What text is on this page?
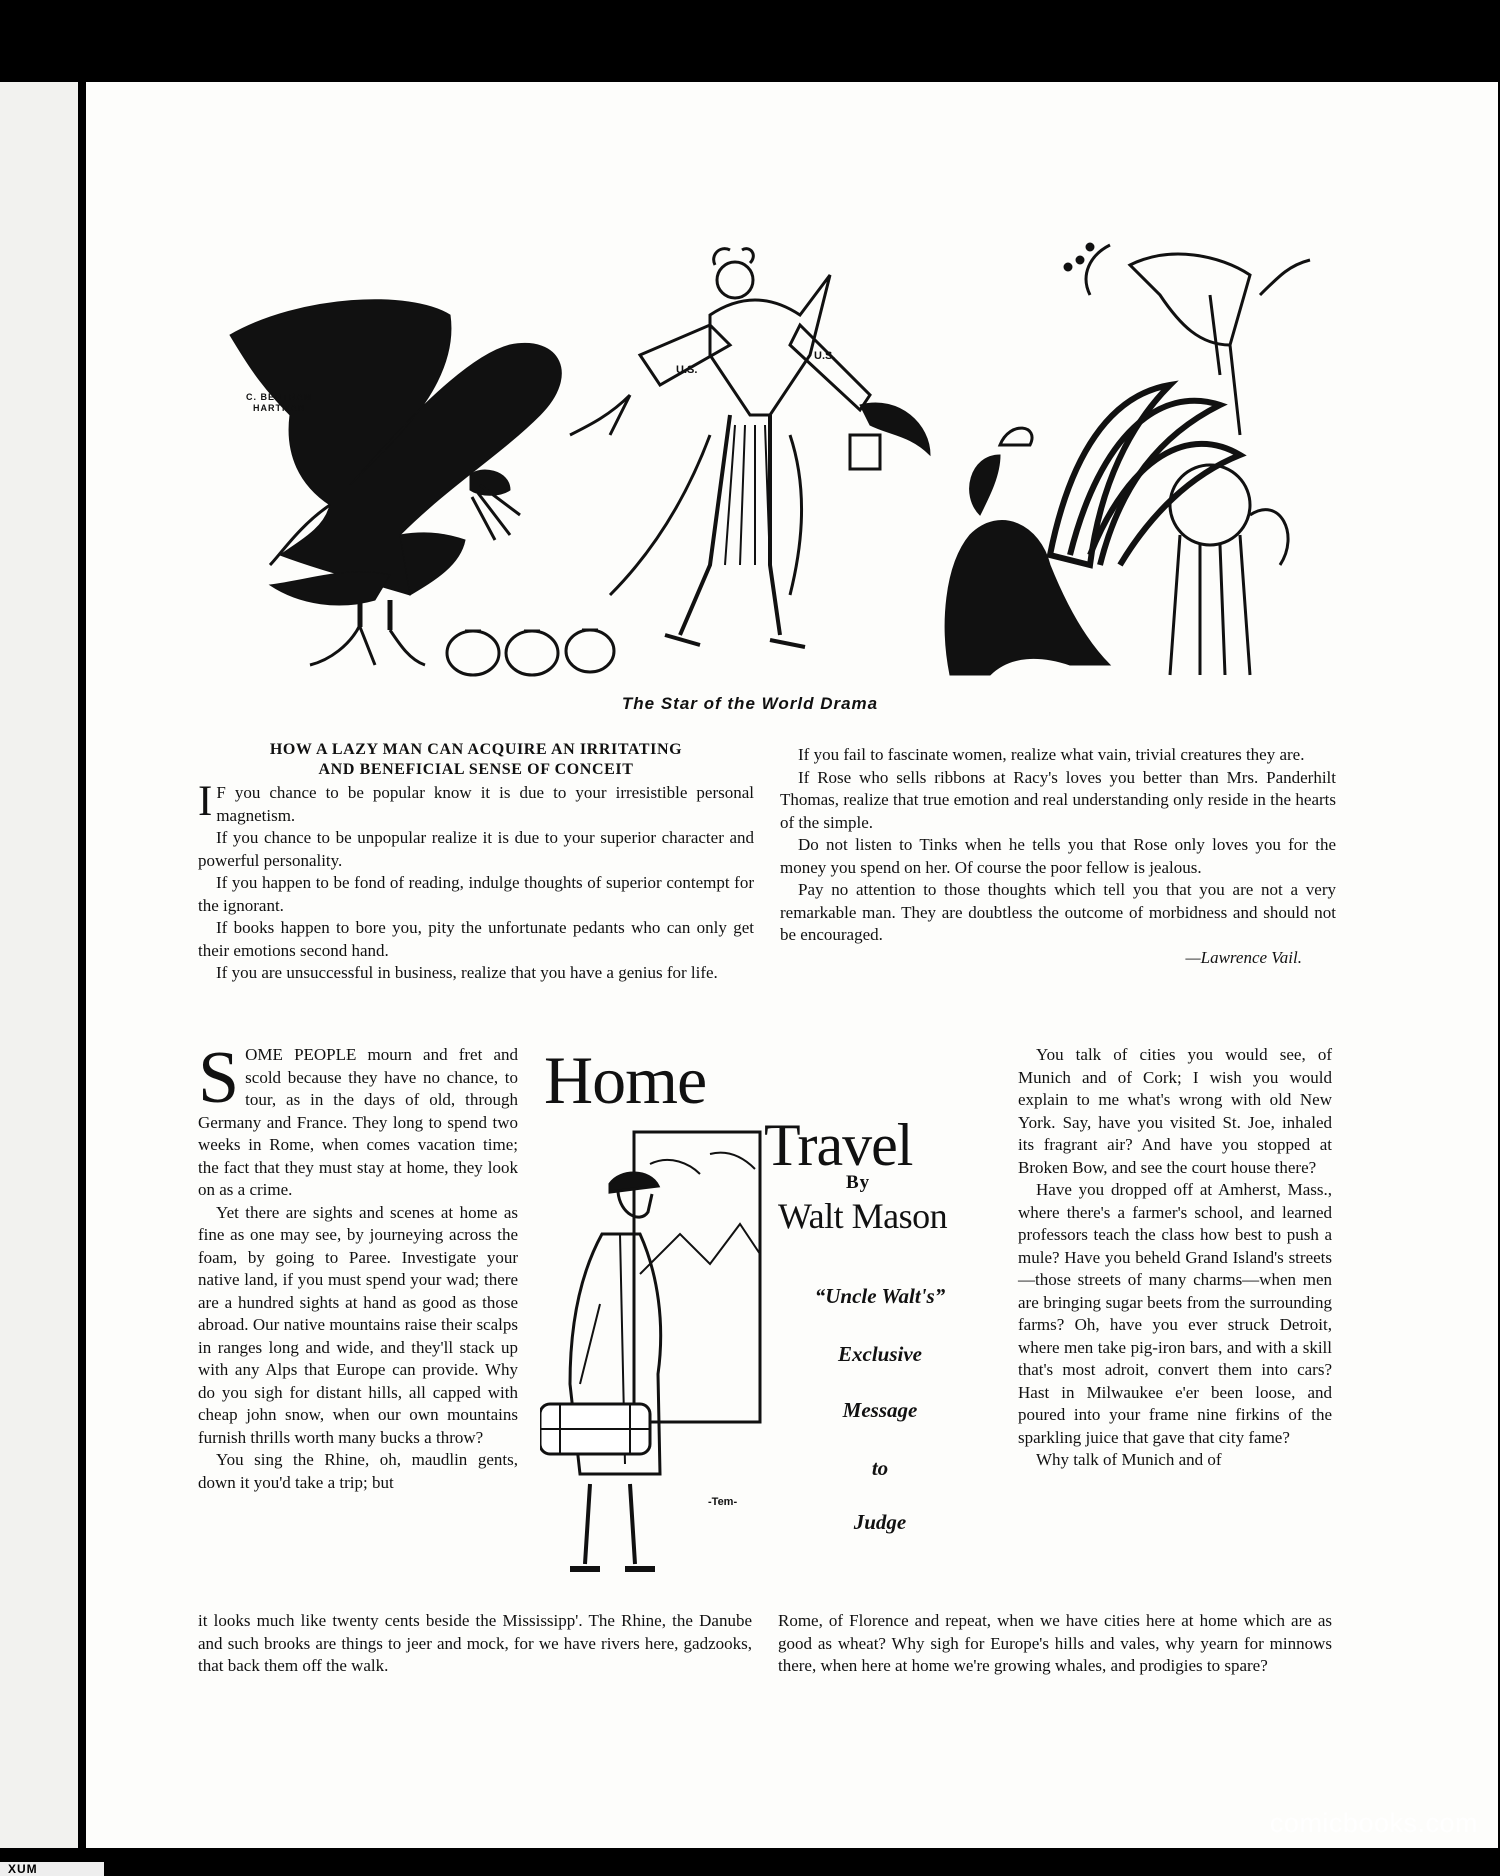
U.S.
U.S.
C. BERTRAM
HARTMAN
The Star of the World Drama
HOW A LAZY MAN CAN ACQUIRE AN IRRITATING
AND BENEFICIAL SENSE OF CONCEIT

I F you chance to be popular know it is due to your irresistible personal magnetism.

If you chance to be unpopular realize it is due to your superior character and powerful personality.

If you happen to be fond of reading, indulge thoughts of superior contempt for the ignorant.

If books happen to bore you, pity the unfortunate pedants who can only get their emotions second hand.

If you are unsuccessful in business, realize that you have a genius for life.

If you fail to fascinate women, realize what vain, trivial creatures they are.

If Rose who sells ribbons at Racy's loves you better than Mrs. Panderhilt Thomas, realize that true emotion and real understanding only reside in the hearts of the simple.

Do not listen to Tinks when he tells you that Rose only loves you for the money you spend on her. Of course the poor fellow is jealous.

Pay no attention to those thoughts which tell you that you are not a very remarkable man. They are doubtless the outcome of morbidness and should not be encouraged.

—Lawrence Vail.

SOME PEOPLE mourn and fret and scold because they have no chance, to tour, as in the days of old, through Germany and France. They long to spend two weeks in Rome, when comes vacation time; the fact that they must stay at home, they look on as a crime.

Yet there are sights and scenes at home as fine as one may see, by journeying across the foam, by going to Paree. Investigate your native land, if you must spend your wad; there are a hundred sights at hand as good as those abroad. Our native mountains raise their scalps in ranges long and wide, and they'll stack up with any Alps that Europe can provide. Why do you sigh for distant hills, all capped with cheap john snow, when our own mountains furnish thrills worth many bucks a throw?

You sing the Rhine, oh, maudlin gents, down it you'd take a trip; but

Home
Travel
By
Walt Mason
“Uncle Walt's”
Exclusive
Message
to
Judge
-Tem-

You talk of cities you would see, of Munich and of Cork; I wish you would explain to me what's wrong with old New York. Say, have you visited St. Joe, inhaled its fragrant air? And have you stopped at Broken Bow, and see the court house there?

Have you dropped off at Amherst, Mass., where there's a farmer's school, and learned professors teach the class how best to push a mule? Have you beheld Grand Island's streets—those streets of many charms—when men are bringing sugar beets from the surrounding farms? Oh, have you ever struck Detroit, where men take pig-iron bars, and with a skill that's most adroit, convert them into cars? Hast in Milwaukee e'er been loose, and poured into your frame nine firkins of the sparkling juice that gave that city fame?

Why talk of Munich and of

it looks much like twenty cents beside the Mississipp'. The Rhine, the Danube and such brooks are things to jeer and mock, for we have rivers here, gadzooks, that back them off the walk.

Rome, of Florence and repeat, when we have cities here at home which are as good as wheat? Why sigh for Europe's hills and vales, why yearn for minnows there, when here at home we're growing whales, and prodigies to spare?

XUM
comicbooks.com
